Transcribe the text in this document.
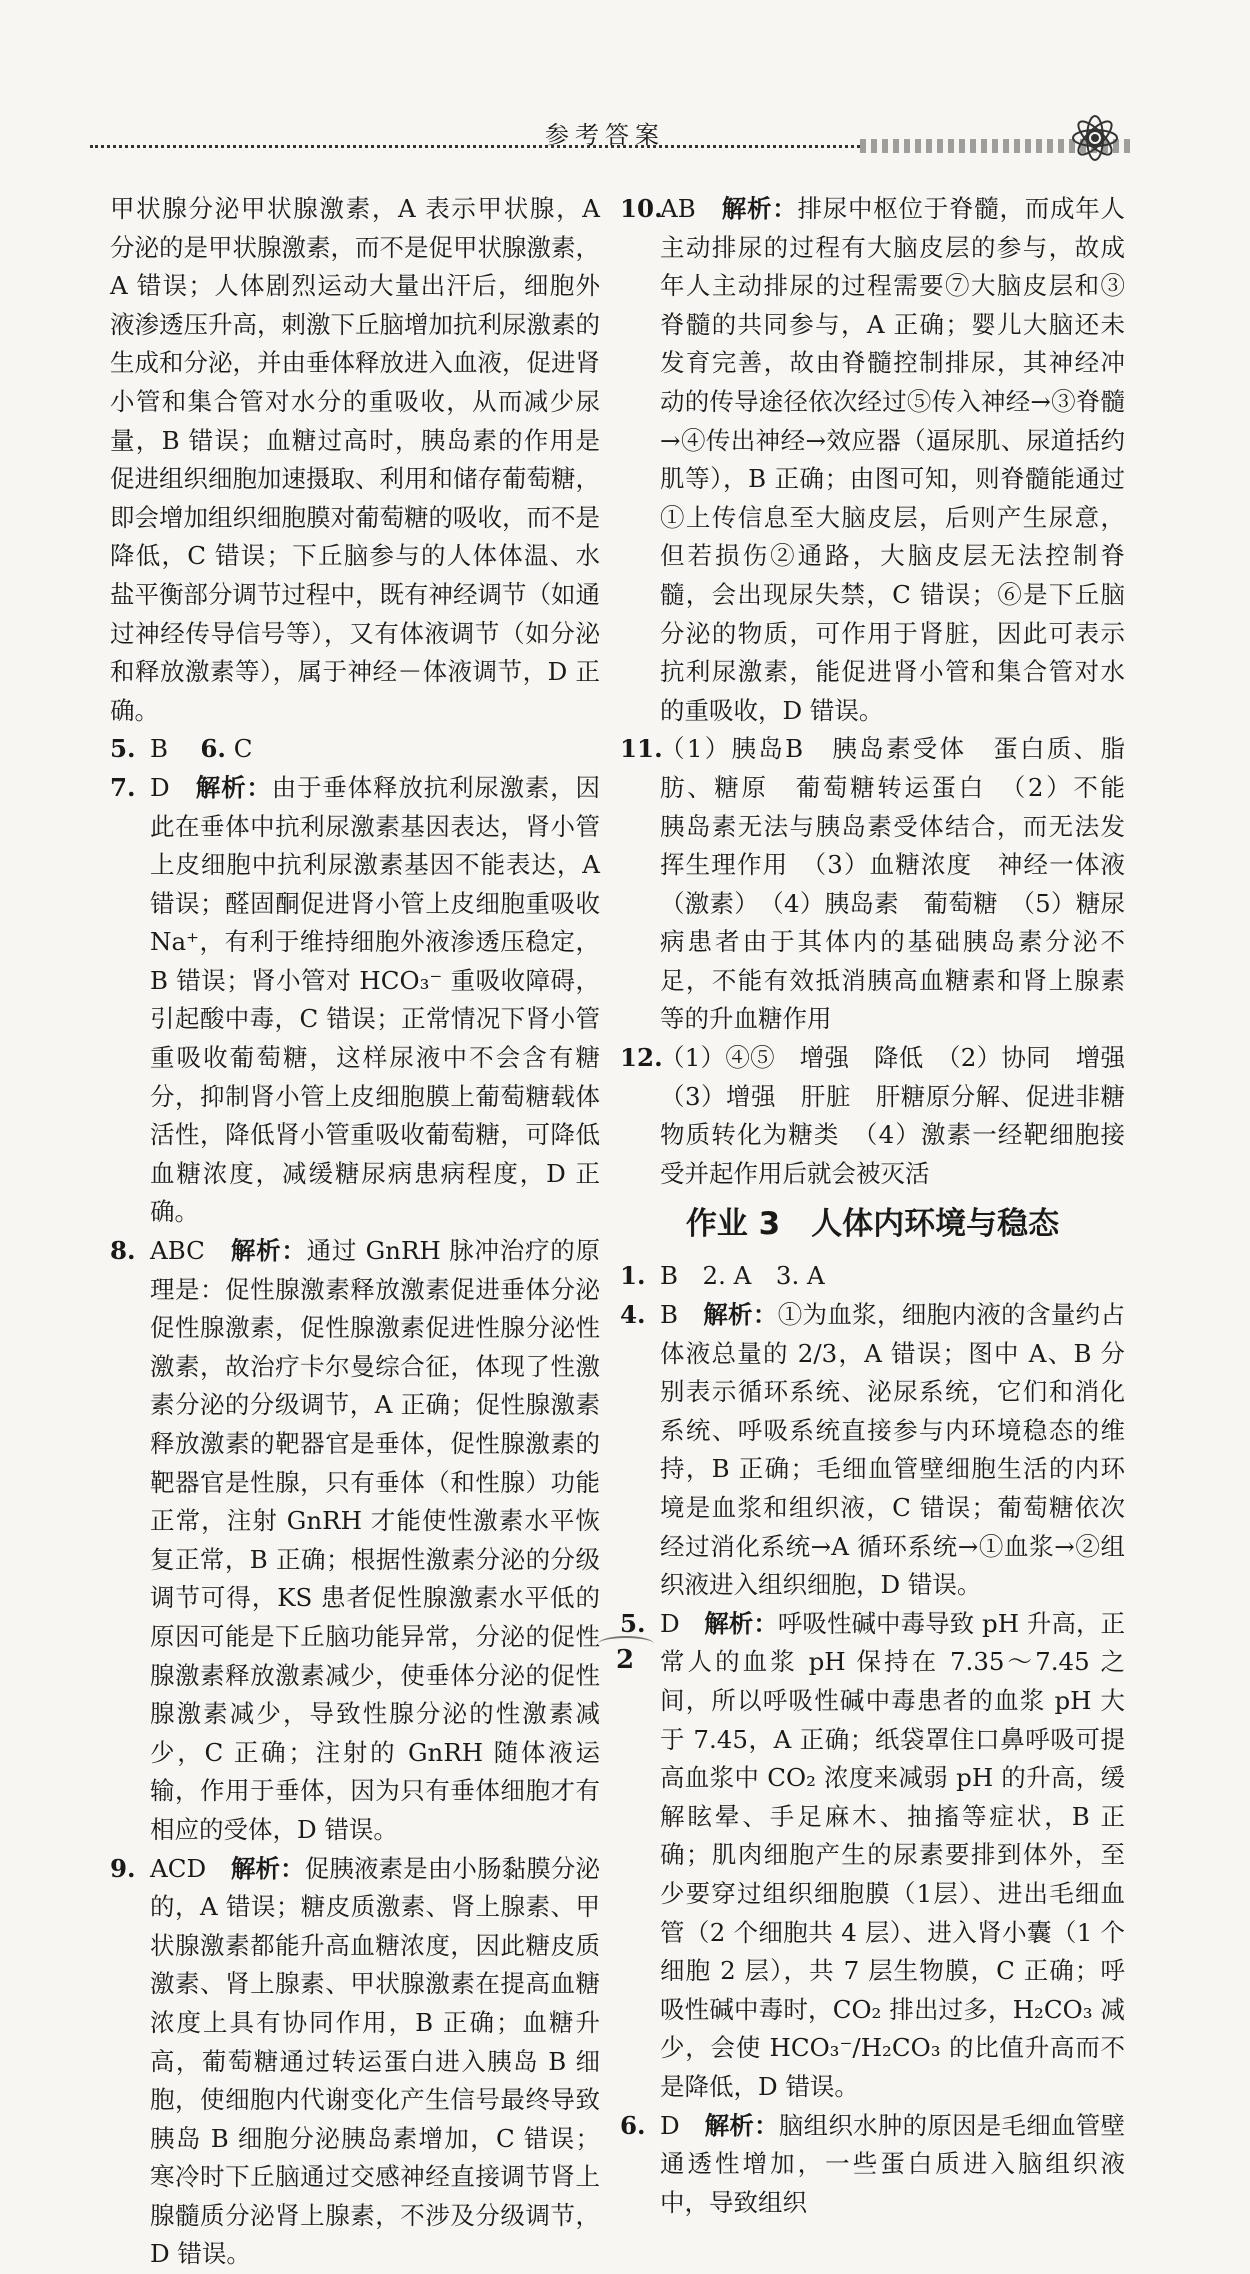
参考答案

甲状腺分泌甲状腺激素，A 表示甲状腺，A 分泌的是甲状腺激素，而不是促甲状腺激素，A 错误；人体剧烈运动大量出汗后，细胞外液渗透压升高，刺激下丘脑增加抗利尿激素的生成和分泌，并由垂体释放进入血液，促进肾小管和集合管对水分的重吸收，从而减少尿量，B 错误；血糖过高时，胰岛素的作用是促进组织细胞加速摄取、利用和储存葡萄糖，即会增加组织细胞膜对葡萄糖的吸收，而不是降低，C 错误；下丘脑参与的人体体温、水盐平衡部分调节过程中，既有神经调节（如通过神经传导信号等），又有体液调节（如分泌和释放激素等），属于神经－体液调节，D 正确。

5. B 　 6. C
7. D　 解析：由于垂体释放抗利尿激素，因此在垂体中抗利尿激素基因表达，肾小管上皮细胞中抗利尿激素基因不能表达，A 错误；醛固酮促进肾小管上皮细胞重吸收 Na⁺，有利于维持细胞外液渗透压稳定，B 错误；肾小管对 HCO₃⁻ 重吸收障碍，引起酸中毒，C 错误；正常情况下肾小管重吸收葡萄糖，这样尿液中不会含有糖分，抑制肾小管上皮细胞膜上葡萄糖载体活性，降低肾小管重吸收葡萄糖，可降低血糖浓度，减缓糖尿病患病程度，D 正确。
8. ABC　 解析：通过 GnRH 脉冲治疗的原理是：促性腺激素释放激素促进垂体分泌促性腺激素，促性腺激素促进性腺分泌性激素，故治疗卡尔曼综合征，体现了性激素分泌的分级调节，A 正确；促性腺激素释放激素的靶器官是垂体，促性腺激素的靶器官是性腺，只有垂体（和性腺）功能正常，注射 GnRH 才能使性激素水平恢复正常，B 正确；根据性激素分泌的分级调节可得，KS 患者促性腺激素水平低的原因可能是下丘脑功能异常，分泌的促性腺激素释放激素减少，使垂体分泌的促性腺激素减少，导致性腺分泌的性激素减少，C 正确；注射的 GnRH 随体液运输，作用于垂体，因为只有垂体细胞才有相应的受体，D 错误。
9. ACD　 解析：促胰液素是由小肠黏膜分泌的，A 错误；糖皮质激素、肾上腺素、甲状腺激素都能升高血糖浓度，因此糖皮质激素、肾上腺素、甲状腺激素在提高血糖浓度上具有协同作用，B 正确；血糖升高，葡萄糖通过转运蛋白进入胰岛 B 细胞，使细胞内代谢变化产生信号最终导致胰岛 B 细胞分泌胰岛素增加，C 错误；寒冷时下丘脑通过交感神经直接调节肾上腺髓质分泌肾上腺素，不涉及分级调节，D 错误。
10.
AB　 解析：排尿中枢位于脊髓，而成年人主动排尿的过程有大脑皮层的参与，故成年人主动排尿的过程需要⑦大脑皮层和③脊髓的共同参与，A 正确；婴儿大脑还未发育完善，故由脊髓控制排尿，其神经冲动的传导途径依次经过⑤传入神经→③脊髓→④传出神经→效应器（逼尿肌、尿道括约肌等），B 正确；由图可知，则脊髓能通过①上传信息至大脑皮层，后则产生尿意，但若损伤②通路，大脑皮层无法控制脊髓，会出现尿失禁，C 错误；⑥是下丘脑分泌的物质，可作用于肾脏，因此可表示抗利尿激素，能促进肾小管和集合管对水的重吸收，D 错误。
11.
（1）胰岛B　胰岛素受体　蛋白质、脂肪、糖原　葡萄糖转运蛋白　（2）不能　胰岛素无法与胰岛素受体结合，而无法发挥生理作用　（3）血糖浓度　神经一体液（激素）　（4）胰岛素　葡萄糖　（5）糖尿病患者由于其体内的基础胰岛素分泌不足，不能有效抵消胰高血糖素和肾上腺素等的升血糖作用
12.
（1）④⑤　增强　降低　（2）协同　增强　（3）增强　肝脏　肝糖原分解、促进非糖物质转化为糖类　（4）激素一经靶细胞接受并起作用后就会被灭活
作业 3　人体内环境与稳态
1. B　2. A　3. A
4. B　 解析：①为血浆，细胞内液的含量约占体液总量的 2/3，A 错误；图中 A、B 分别表示循环系统、泌尿系统，它们和消化系统、呼吸系统直接参与内环境稳态的维持，B 正确；毛细血管壁细胞生活的内环境是血浆和组织液，C 错误；葡萄糖依次经过消化系统→A 循环系统→①血浆→②组织液进入组织细胞，D 错误。
5. D　 解析：呼吸性碱中毒导致 pH 升高，正常人的血浆 pH 保持在 7.35～7.45 之间，所以呼吸性碱中毒患者的血浆 pH 大于 7.45，A 正确；纸袋罩住口鼻呼吸可提高血浆中 CO₂ 浓度来减弱 pH 的升高，缓解眩晕、手足麻木、抽搐等症状，B 正确；肌肉细胞产生的尿素要排到体外，至少要穿过组织细胞膜（1层）、进出毛细血管（2 个细胞共 4 层）、进入肾小囊（1 个细胞 2 层），共 7 层生物膜，C 正确；呼吸性碱中毒时，CO₂ 排出过多，H₂CO₃ 减少，会使 HCO₃⁻/H₂CO₃ 的比值升高而不是降低，D 错误。
6. D　 解析：脑组织水肿的原因是毛细血管壁通透性增加，一些蛋白质进入脑组织液中，导致组织
2
